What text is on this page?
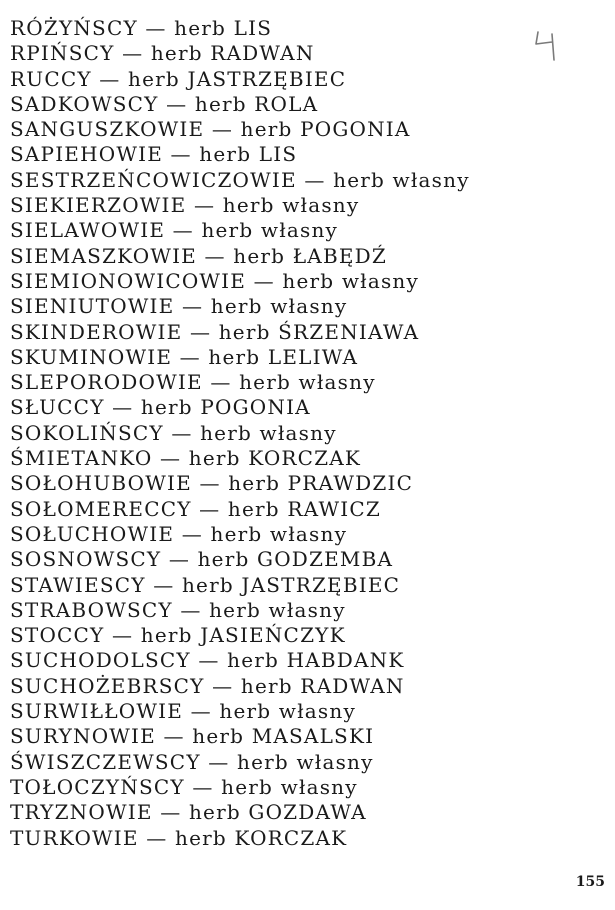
RÓŻYŃSCY — herb LIS
RPIŃSCY — herb RADWAN
RUCCY — herb JASTRZĘBIEC
SADKOWSCY — herb ROLA
SANGUSZKOWIE — herb POGONIA
SAPIEHOWIE — herb LIS
SESTRZEŃCOWICZOWIE — herb własny
SIEKIERZOWIE — herb własny
SIELAWOWIE — herb własny
SIEMASZKOWIE — herb ŁABĘDŹ
SIEMIONOWICOWIE — herb własny
SIENIUTOWIE — herb własny
SKINDEROWIE — herb ŚRZENIAWA
SKUMINOWIE — herb LELIWA
SLEPORODOWIE — herb własny
SŁUCCY — herb POGONIA
SOKOLIŃSCY — herb własny
ŚMIETANKO — herb KORCZAK
SOŁOHUBOWIE — herb PRAWDZIC
SOŁOMERECCY — herb RAWICZ
SOŁUCHOWIE — herb własny
SOSNOWSCY — herb GODZEMBA
STAWIESCY — herb JASTRZĘBIEC
STRABOWSCY — herb własny
STOCCY — herb JASIEŃCZYK
SUCHODOLSCY — herb HABDANK
SUCHOŻEBRSCY — herb RADWAN
SURWIŁŁOWIE — herb własny
SURYNOWIE — herb MASALSKI
ŚWISZCZEWSCY — herb własny
TOŁOCZYŃSCY — herb własny
TRYZNOWIE — herb GOZDAWA
TURKOWIE — herb KORCZAK
155
